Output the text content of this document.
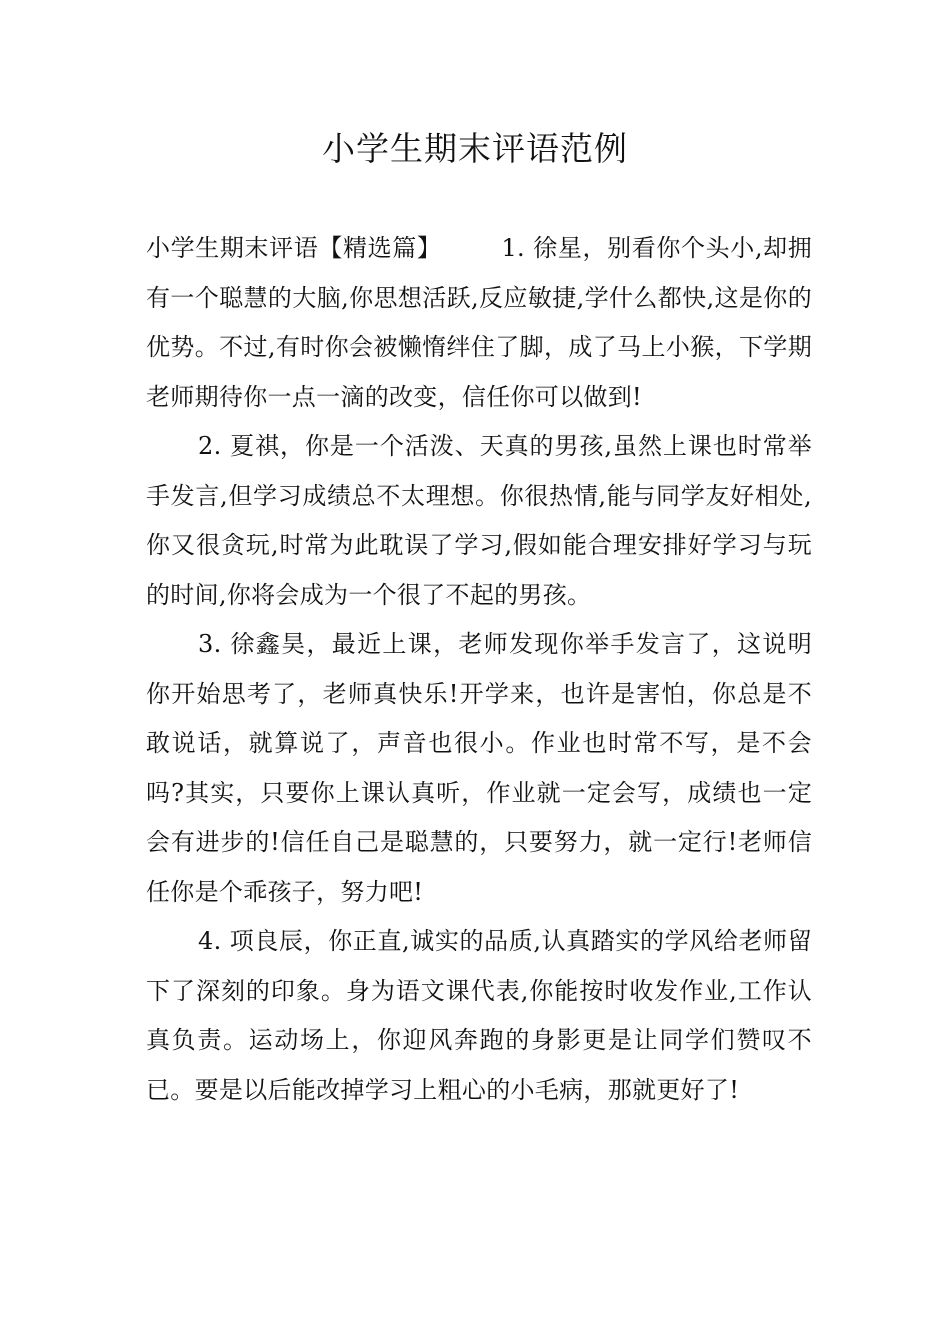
小学生期末评语范例

小学生期末评语【精选篇】	1. 徐星，别看你个头小,却拥有一个聪慧的大脑,你思想活跃,反应敏捷,学什么都快,这是你的优势。不过,有时你会被懒惰绊住了脚，成了马上小猴，下学期老师期待你一点一滴的改变，信任你可以做到!

2. 夏祺，你是一个活泼、天真的男孩,虽然上课也时常举手发言,但学习成绩总不太理想。你很热情,能与同学友好相处,你又很贪玩,时常为此耽误了学习,假如能合理安排好学习与玩的时间,你将会成为一个很了不起的男孩。

3. 徐鑫昊，最近上课，老师发现你举手发言了，这说明你开始思考了，老师真快乐!开学来，也许是害怕，你总是不敢说话，就算说了，声音也很小。作业也时常不写，是不会吗?其实，只要你上课认真听，作业就一定会写，成绩也一定会有进步的!信任自己是聪慧的，只要努力，就一定行!老师信任你是个乖孩子，努力吧!

4. 项良辰，你正直,诚实的品质,认真踏实的学风给老师留下了深刻的印象。身为语文课代表,你能按时收发作业,工作认真负责。运动场上，你迎风奔跑的身影更是让同学们赞叹不已。要是以后能改掉学习上粗心的小毛病，那就更好了!
